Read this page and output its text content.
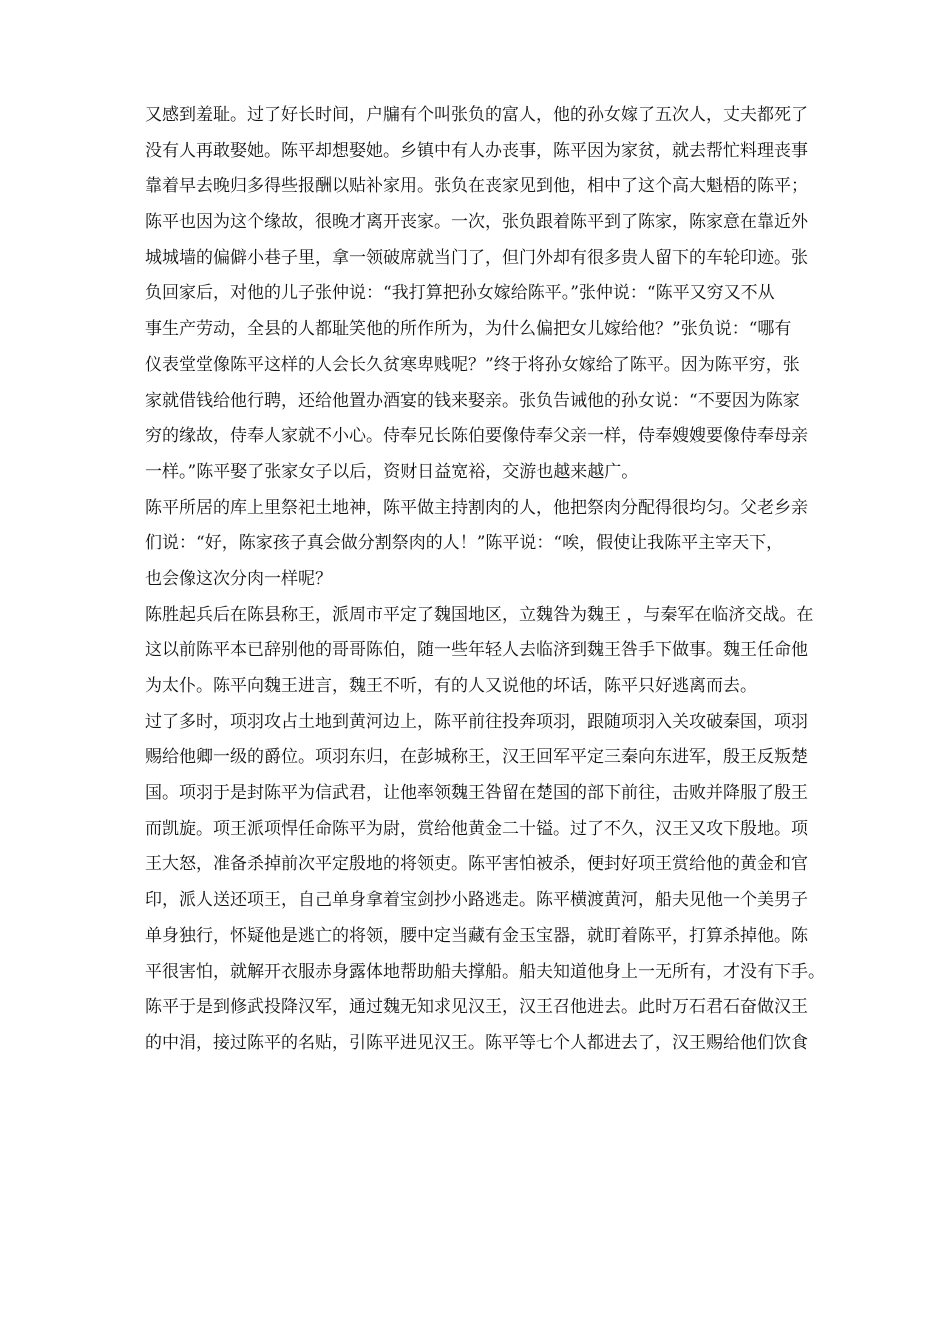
又感到羞耻。过了好长时间，户牖有个叫张负的富人，他的孙女嫁了五次人，丈夫都死了
没有人再敢娶她。陈平却想娶她。乡镇中有人办丧事，陈平因为家贫，就去帮忙料理丧事
靠着早去晚归多得些报酬以贴补家用。张负在丧家见到他，相中了这个高大魁梧的陈平；
陈平也因为这个缘故，很晚才离开丧家。一次，张负跟着陈平到了陈家，陈家意在靠近外
城城墙的偏僻小巷子里，拿一领破席就当门了，但门外却有很多贵人留下的车轮印迹。张
负回家后，对他的儿子张仲说：“我打算把孙女嫁给陈平。”张仲说：“陈平又穷又不从
事生产劳动，全县的人都耻笑他的所作所为，为什么偏把女儿嫁给他？”张负说：“哪有
仪表堂堂像陈平这样的人会长久贫寒卑贱呢？”终于将孙女嫁给了陈平。因为陈平穷，张
家就借钱给他行聘，还给他置办酒宴的钱来娶亲。张负告诫他的孙女说：“不要因为陈家
穷的缘故，侍奉人家就不小心。侍奉兄长陈伯要像侍奉父亲一样，侍奉嫂嫂要像侍奉母亲
一样。”陈平娶了张家女子以后，资财日益宽裕，交游也越来越广。
陈平所居的库上里祭祀土地神，陈平做主持割肉的人，他把祭肉分配得很均匀。父老乡亲
们说：“好，陈家孩子真会做分割祭肉的人！”陈平说：“唉，假使让我陈平主宰天下，
也会像这次分肉一样呢？
陈胜起兵后在陈县称王，派周市平定了魏国地区，立魏咎为魏王 ，与秦军在临济交战。在
这以前陈平本已辞别他的哥哥陈伯，随一些年轻人去临济到魏王咎手下做事。魏王任命他
为太仆。陈平向魏王进言，魏王不听，有的人又说他的坏话，陈平只好逃离而去。
过了多时，项羽攻占土地到黄河边上，陈平前往投奔项羽，跟随项羽入关攻破秦国，项羽
赐给他卿一级的爵位。项羽东归，在彭城称王，汉王回军平定三秦向东进军，殷王反叛楚
国。项羽于是封陈平为信武君，让他率领魏王咎留在楚国的部下前往，击败并降服了殷王
而凯旋。项王派项悍任命陈平为尉，赏给他黄金二十镒。过了不久，汉王又攻下殷地。项
王大怒，准备杀掉前次平定殷地的将领吏。陈平害怕被杀，便封好项王赏给他的黄金和官
印，派人送还项王，自己单身拿着宝剑抄小路逃走。陈平横渡黄河，船夫见他一个美男子
单身独行，怀疑他是逃亡的将领，腰中定当藏有金玉宝器，就盯着陈平，打算杀掉他。陈
平很害怕，就解开衣服赤身露体地帮助船夫撑船。船夫知道他身上一无所有，才没有下手。
陈平于是到修武投降汉军，通过魏无知求见汉王，汉王召他进去。此时万石君石奋做汉王
的中涓，接过陈平的名贴，引陈平进见汉王。陈平等七个人都进去了，汉王赐给他们饮食
